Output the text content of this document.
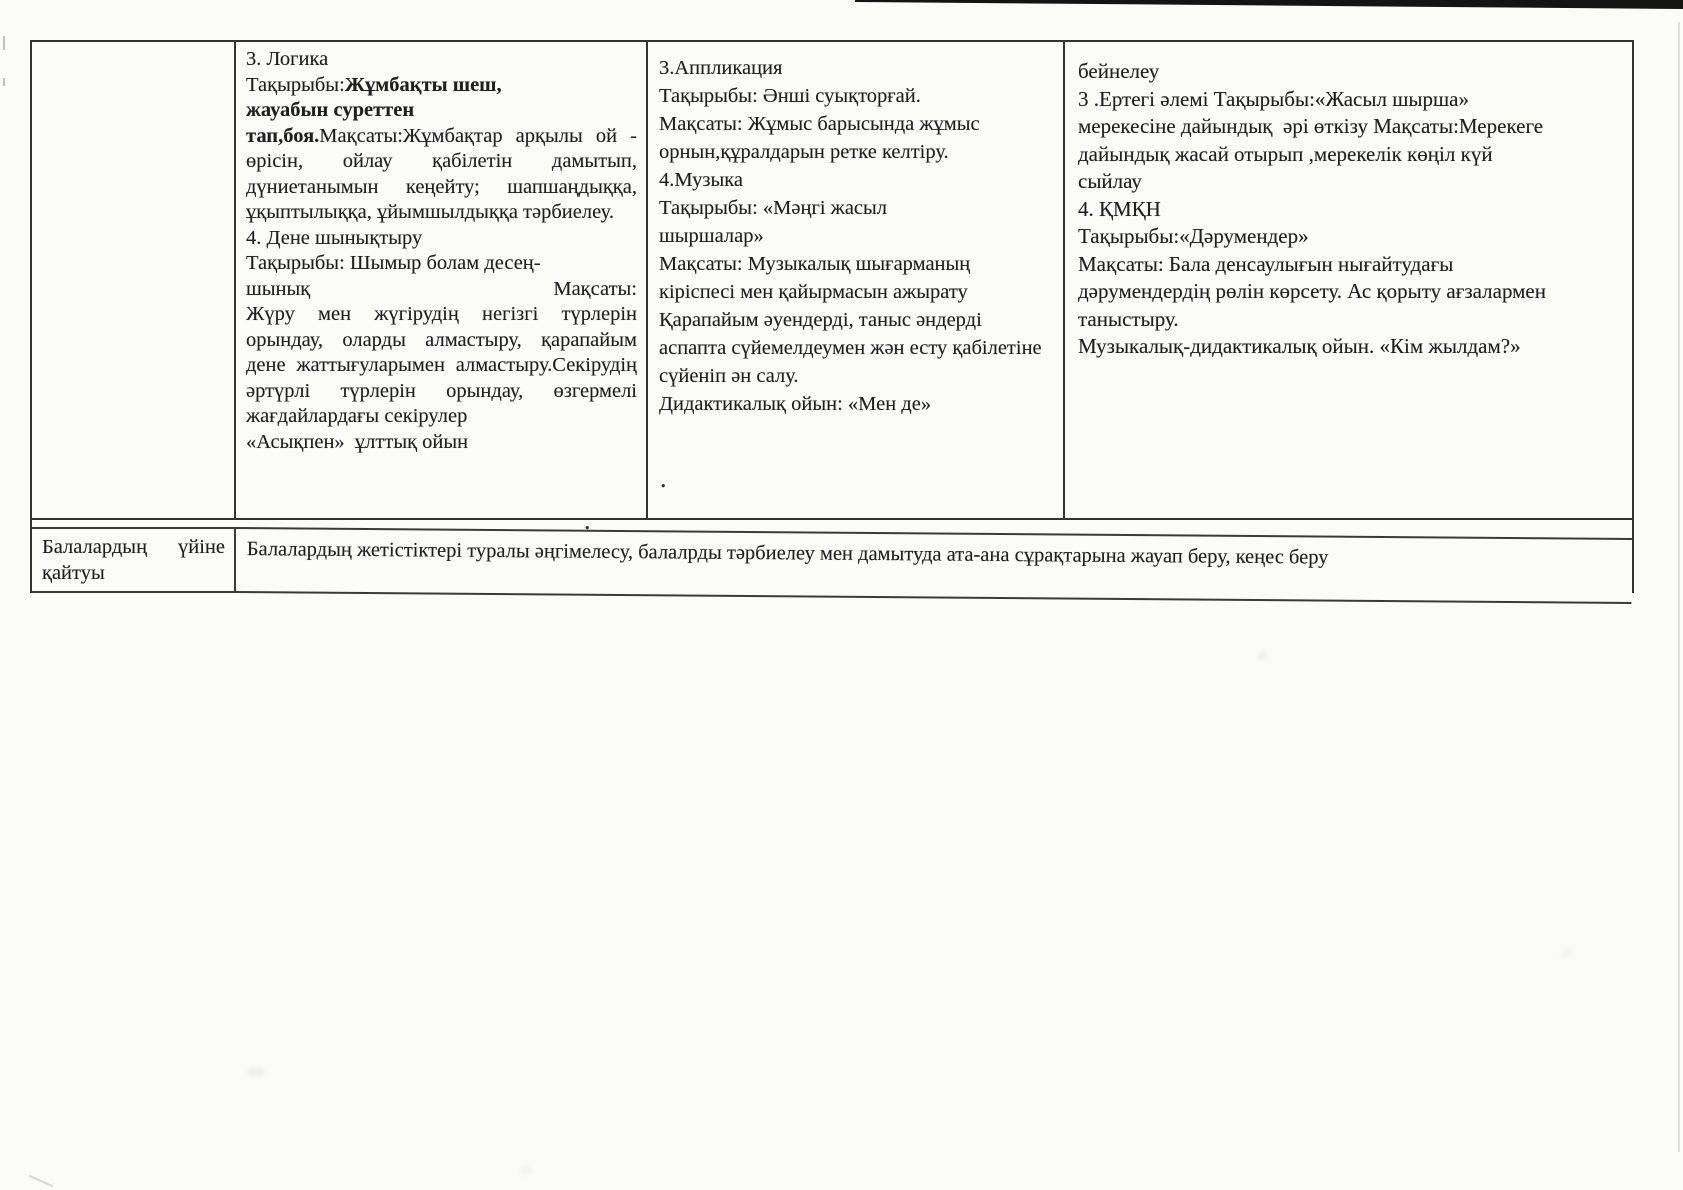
3. Логика

Тақырыбы:Жұмбақты шеш,
жауабын суреттен
тап,боя.Мақсаты:Жұмбақтар арқылы ой - өрісін, ойлау қабілетін дамытып, дүниетанымын кеңейту; шапшаңдыққа, ұқыптылыққа, ұйымшылдыққа тәрбиелеу.

4. Дене шынықтыру

Тақырыбы: Шымыр болам десең-

шынық	Мақсаты:

Жүру мен жүгірудің негізгі түрлерін орындау, оларды алмастыру, қарапайым дене жаттығуларымен алмастыру.Секірудің әртүрлі түрлерін орындау, өзгермелі жағдайлардағы секірулер

«Асықпен»  ұлттық ойын

3.Аппликация

Тақырыбы: Әнші суықторғай.

Мақсаты: Жұмыс барысында жұмыс орнын,құралдарын ретке келтіру.

4.Музыка

Тақырыбы: «Мәңгі жасыл
шыршалар»

Мақсаты: Музыкалық шығарманың кіріспесі мен қайырмасын ажырату Қарапайым әуендерді, таныс әндерді аспапта сүйемелдеумен жән есту қабілетіне сүйеніп ән салу.

Дидактикалық ойын: «Мен де»

бейнелеу

3 .Ертегі әлемі Тақырыбы:«Жасыл шырша»
мерекесіне дайындық  әрі өткізу Мақсаты:Мерекеге
дайындық жасай отырып ,мерекелік көңіл күй
сыйлау

4. ҚМҚН

Тақырыбы:«Дәрумендер»

Мақсаты: Бала денсаулығын нығайтудағы
дәрумендердің рөлін көрсету. Ас қорыту ағзалармен
таныстыру.

Музыкалық-дидактикалық ойын. «Кім жылдам?»

Балалардың үйіне
қайтуы

Балалардың жетістіктері туралы әңгімелесу, балалрды тәрбиелеу мен дамытуда ата-ана сұрақтарына жауап беру, кеңес беру

.
.
